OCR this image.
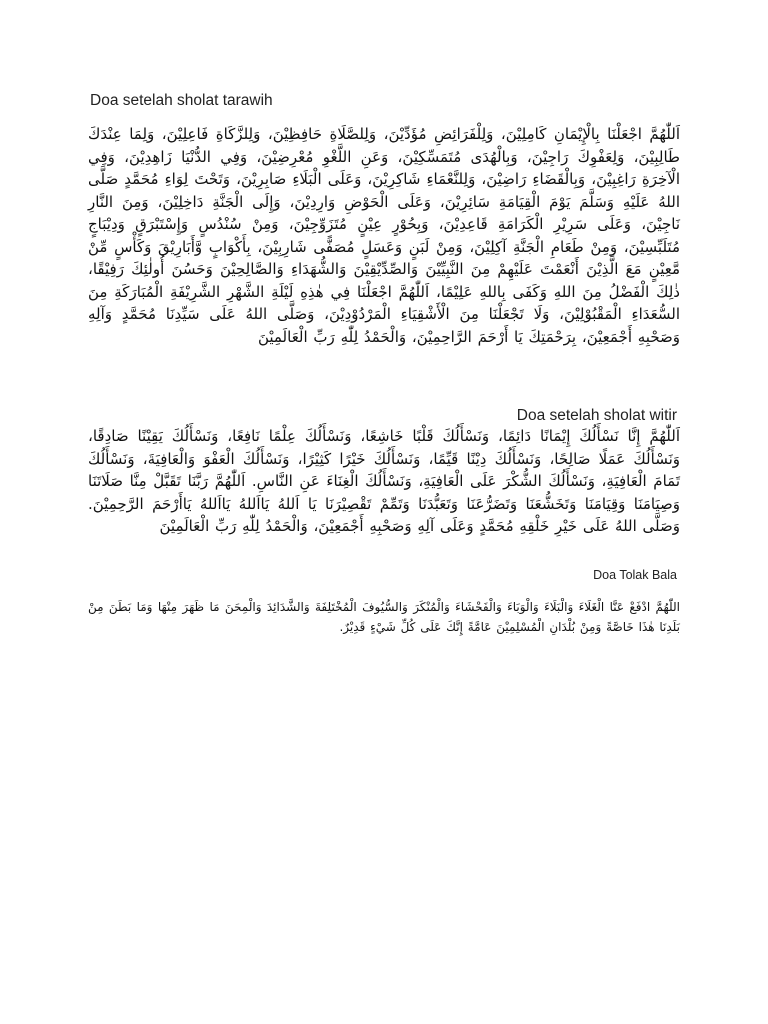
Doa setelah sholat tarawih
اَللّٰهُمَّ اجْعَلْنَا بِالْإِيْمَانِ كَامِلِيْنَ، وَلِلْفَرَائِضِ مُؤَدِّيْنَ، وَلِلصَّلَاةِ حَافِظِيْنَ، وَلِلزَّكَاةِ فَاعِلِيْنَ، وَلِمَا عِنْدَكَ طَالِبِيْنَ، وَلِعَفْوِكَ رَاجِيْنَ، وَبِالْهُدَى مُتَمَسِّكِيْنَ، وَعَنِ اللَّغْوِ مُعْرِضِيْنَ، وَفِي الدُّنْيَا زَاهِدِيْنَ، وَفِي الْآخِرَةِ رَاغِبِيْنَ، وَبِالْقَضَاءِ رَاضِيْنَ، وَلِلنَّعْمَاءِ شَاكِرِيْنَ، وَعَلَى الْبَلَاءِ صَابِرِيْنَ، وَتَحْتَ لِوَاءِ مُحَمَّدٍ صَلَّى اللهُ عَلَيْهِ وَسَلَّمَ يَوْمَ الْقِيَامَةِ سَائِرِيْنَ، وَعَلَى الْحَوْضِ وَارِدِيْنَ، وَإِلَى الْجَنَّةِ دَاخِلِيْنَ، وَمِنَ النَّارِ نَاجِيْنَ، وَعَلَى سَرِيْرِ الْكَرَامَةِ قَاعِدِيْنَ، وَبِحُوْرٍ عِيْنٍ مُتَزَوِّجِيْنَ، وَمِنْ سُنْدُسٍ وَإِسْتَبْرَقٍ وَدِيْبَاجٍ مُتَلَبِّسِيْنَ، وَمِنْ طَعَامِ الْجَنَّةِ آكِلِيْنَ، وَمِنْ لَبَنٍ وَعَسَلٍ مُصَفًّى شَارِبِيْنَ، بِأَكْوَابٍ وَّأَبَارِيْقَ وَكَأْسٍ مِّنْ مَّعِيْنٍ مَعَ الَّذِيْنَ أَنْعَمْتَ عَلَيْهِمْ مِنَ النَّبِيِّيْنَ وَالصِّدِّيْقِيْنَ وَالشُّهَدَاءِ وَالصَّالِحِيْنَ وَحَسُنَ أُولٰئِكَ رَفِيْقًا، ذٰلِكَ الْفَضْلُ مِنَ اللهِ وَكَفَى بِاللهِ عَلِيْمًا، اَللّٰهُمَّ اجْعَلْنَا فِي هٰذِهِ لَيْلَةِ الشَّهْرِ الشَّرِيْفَةِ الْمُبَارَكَةِ مِنَ السُّعَدَاءِ الْمَقْبُوْلِيْنَ، وَلَا تَجْعَلْنَا مِنَ الْأَشْقِيَاءِ الْمَرْدُوْدِيْنَ، وَصَلَّى اللهُ عَلَى سَيِّدِنَا مُحَمَّدٍ وَآلِهِ وَصَحْبِهِ أَجْمَعِيْنَ، بِرَحْمَتِكَ يَا أَرْحَمَ الرَّاحِمِيْنَ، وَالْحَمْدُ لِلّٰهِ رَبِّ الْعَالَمِيْنَ
Doa setelah sholat witir
اَللّٰهُمَّ إِنَّا نَسْأَلُكَ إِيْمَانًا دَائِمًا، وَنَسْأَلُكَ قَلْبًا خَاشِعًا، وَنَسْأَلُكَ عِلْمًا نَافِعًا، وَنَسْأَلُكَ يَقِيْنًا صَادِقًا، وَنَسْأَلُكَ عَمَلًا صَالِحًا، وَنَسْأَلُكَ دِيْنًا قَيِّمًا، وَنَسْأَلُكَ خَيْرًا كَثِيْرًا، وَنَسْأَلُكَ الْعَفْوَ وَالْعَافِيَةَ، وَنَسْأَلُكَ تَمَامَ الْعَافِيَةِ، وَنَسْأَلُكَ الشُّكْرَ عَلَى الْعَافِيَةِ، وَنَسْأَلُكَ الْغِنَاءَ عَنِ النَّاسِ. اَللّٰهُمَّ رَبَّنَا تَقَبَّلْ مِنَّا صَلَاتَنَا وَصِيَامَنَا وَقِيَامَنَا وَتَخَشُّعَنَا وَتَضَرُّعَنَا وَتَعَبُّدَنَا وَتَمِّمْ تَقْصِيْرَنَا يَا اَللهُ يَااَللهُ يَااَللهُ يَاأَرْحَمَ الرَّحِمِيْنَ. وَصَلَّى اللهُ عَلَى خَيْرِ خَلْقِهِ مُحَمَّدٍ وَعَلَى آلِهِ وَصَحْبِهِ أَجْمَعِيْنَ، وَالْحَمْدُ لِلّٰهِ رَبِّ الْعَالَمِيْنَ
Doa Tolak Bala
اللّٰهُمَّ ادْفَعْ عَنَّا الْغَلَاءَ وَالْبَلَاءَ وَالْوَبَاءَ وَالْفَحْشَاءَ وَالْمُنْكَرَ وَالسُّيُوفَ الْمُخْتَلِفَةَ وَالشَّدَائِدَ وَالْمِحَنَ مَا ظَهَرَ مِنْهَا وَمَا بَطَنَ مِنْ بَلَدِنَا هٰذَا خَاصَّةً وَمِنْ بُلْدَانِ الْمُسْلِمِيْنَ عَامَّةً إِنَّكَ عَلَى كُلِّ شَيْءٍ قَدِيْرٌ.
